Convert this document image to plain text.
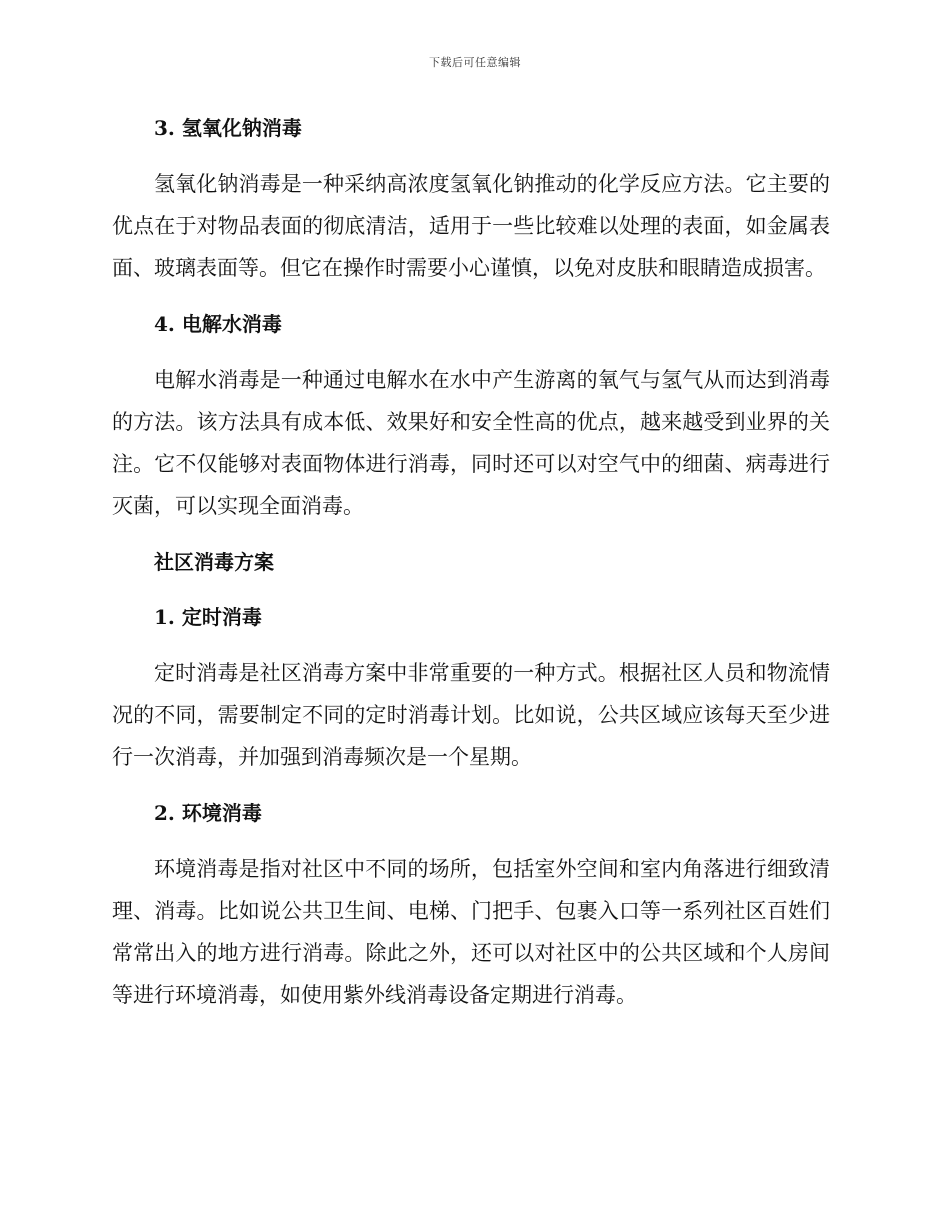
下载后可任意编辑
3. 氢氧化钠消毒

氢氧化钠消毒是一种采纳高浓度氢氧化钠推动的化学反应方法。它主要的优点在于对物品表面的彻底清洁，适用于一些比较难以处理的表面，如金属表面、玻璃表面等。但它在操作时需要小心谨慎，以免对皮肤和眼睛造成损害。

4. 电解水消毒

电解水消毒是一种通过电解水在水中产生游离的氧气与氢气从而达到消毒的方法。该方法具有成本低、效果好和安全性高的优点，越来越受到业界的关注。它不仅能够对表面物体进行消毒，同时还可以对空气中的细菌、病毒进行灭菌，可以实现全面消毒。

社区消毒方案
1. 定时消毒

定时消毒是社区消毒方案中非常重要的一种方式。根据社区人员和物流情况的不同，需要制定不同的定时消毒计划。比如说，公共区域应该每天至少进行一次消毒，并加强到消毒频次是一个星期。

2. 环境消毒

环境消毒是指对社区中不同的场所，包括室外空间和室内角落进行细致清理、消毒。比如说公共卫生间、电梯、门把手、包裹入口等一系列社区百姓们常常出入的地方进行消毒。除此之外，还可以对社区中的公共区域和个人房间等进行环境消毒，如使用紫外线消毒设备定期进行消毒。
